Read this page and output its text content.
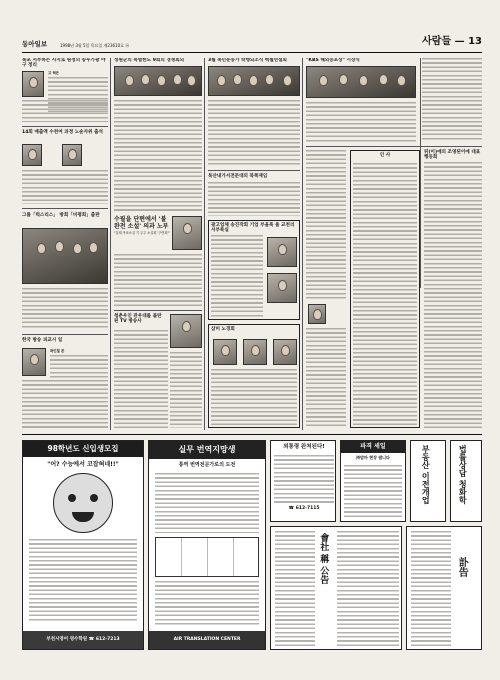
동아일보	1998년 3월 5일 목요일 제23610호 ⑭	사람들 — 13
목포 서부하는 사지로 원정의 송두가광 야구 정리
고 혁은
14회 매출액 수천여 과정 노순자위 출석
그룹「럭스리스」 방회「비평회」출판
한국 방송 피교시 일
곽인철 본
성원군의 특별한도 9회의 경쟁회외
수필을 단편에서 '불완전 소설' 의과 노부
"실제 목표소설 기 우주 소설회 '구연희'"
청춘우인 관우대를 불란된 TV 방송사
3월 목민운동가 학행되소식 백월연설회
북산내가서전문대의 북쪽재임
광고업체 송진작회 기업 부올목 울 교천리 서부록실
삼미 노경회
"KBS 해외동포상" 시상식
인 사
뒤(이)에의 조영된이에 대표 행동회
98학년도 신입생모집
"어? 수능에서 코잡혀네!!"
부천시영어 영수학원 ☎ 612-7213
실무 번역지망생
통역 번역전문가로의 도전
AIR TRANSLATION CENTER
외통령 완처된다!
☎ 612-7115
파격 세일
㈜맘마 현장 팝니다	부동산 이전개업	법률상담 청화학
會社 稱 公告	訃告
